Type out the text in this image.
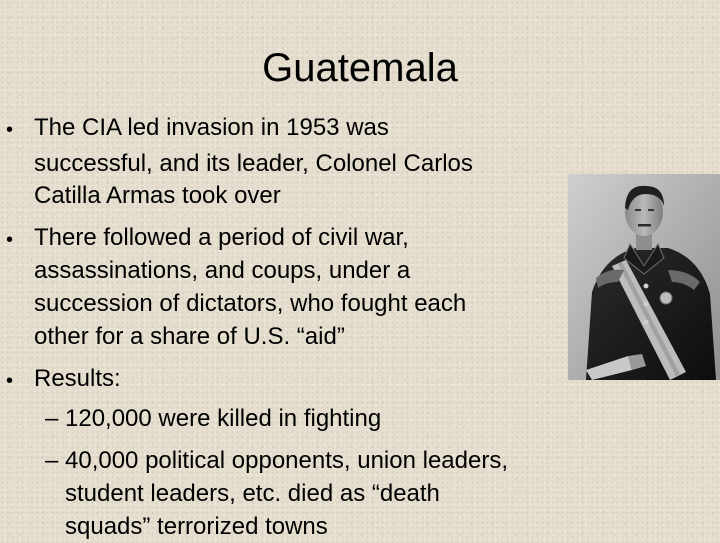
Guatemala
• The CIA led invasion in 1953 was
successful, and its leader, Colonel Carlos
Catilla Armas took over
• There followed a period of civil war,
assassinations, and coups, under a
succession of dictators, who fought each
other for a share of U.S. “aid”
• Results:
– 120,000 were killed in fighting
– 40,000 political opponents, union leaders,
student leaders, etc. died as “death
squads” terrorized towns
